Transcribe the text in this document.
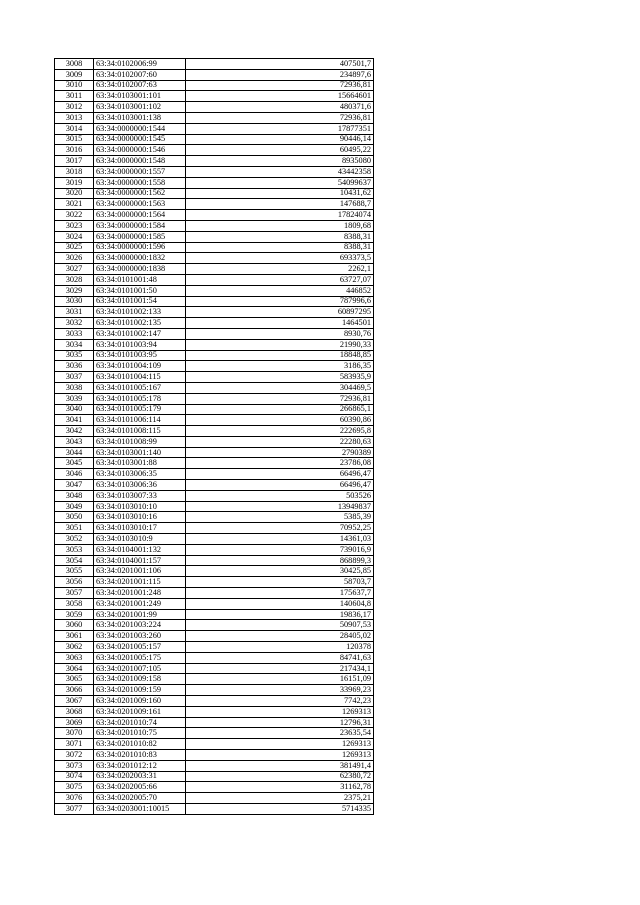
3008	63:34:0102006:99	407501,7
3009	63:34:0102007:60	234897,6
3010	63:34:0102007:63	72936,81
3011	63:34:0103001:101	15664601
3012	63:34:0103001:102	480371,6
3013	63:34:0103001:138	72936,81
3014	63:34:0000000:1544	17877351
3015	63:34:0000000:1545	90446,14
3016	63:34:0000000:1546	60495,22
3017	63:34:0000000:1548	8935080
3018	63:34:0000000:1557	43442358
3019	63:34:0000000:1558	54099637
3020	63:34:0000000:1562	10431,62
3021	63:34:0000000:1563	147688,7
3022	63:34:0000000:1564	17824074
3023	63:34:0000000:1584	1809,68
3024	63:34:0000000:1585	8388,31
3025	63:34:0000000:1596	8388,31
3026	63:34:0000000:1832	693373,5
3027	63:34:0000000:1838	2262,1
3028	63:34:0101001:48	63727,07
3029	63:34:0101001:50	446852
3030	63:34:0101001:54	787996,6
3031	63:34:0101002:133	60897295
3032	63:34:0101002:135	1464501
3033	63:34:0101002:147	8930,76
3034	63:34:0101003:94	21990,33
3035	63:34:0101003:95	18848,85
3036	63:34:0101004:109	3186,35
3037	63:34:0101004:115	583935,9
3038	63:34:0101005:167	304469,5
3039	63:34:0101005:178	72936,81
3040	63:34:0101005:179	266865,1
3041	63:34:0101006:114	60390,86
3042	63:34:0101008:115	222695,8
3043	63:34:0101008:99	22280,63
3044	63:34:0103001:140	2790389
3045	63:34:0103001:88	23786,08
3046	63:34:0103006:35	66496,47
3047	63:34:0103006:36	66496,47
3048	63:34:0103007:33	503526
3049	63:34:0103010:10	13949837
3050	63:34:0103010:16	5385,39
3051	63:34:0103010:17	70952,25
3052	63:34:0103010:9	14361,03
3053	63:34:0104001:132	739016,9
3054	63:34:0104001:157	868899,3
3055	63:34:0201001:106	30425,85
3056	63:34:0201001:115	58703,7
3057	63:34:0201001:248	175637,7
3058	63:34:0201001:249	140604,8
3059	63:34:0201001:99	19836,17
3060	63:34:0201003:224	50907,53
3061	63:34:0201003:260	28405,02
3062	63:34:0201005:157	120378
3063	63:34:0201005:175	84741,63
3064	63:34:0201007:105	217434,1
3065	63:34:0201009:158	16151,09
3066	63:34:0201009:159	33969,23
3067	63:34:0201009:160	7742,23
3068	63:34:0201009:161	1269313
3069	63:34:0201010:74	12796,31
3070	63:34:0201010:75	23635,54
3071	63:34:0201010:82	1269313
3072	63:34:0201010:83	1269313
3073	63:34:0201012:12	381491,4
3074	63:34:0202003:31	62380,72
3075	63:34:0202005:66	31162,78
3076	63:34:0202005:70	2375,21
3077	63:34:0203001:10015	5714335
